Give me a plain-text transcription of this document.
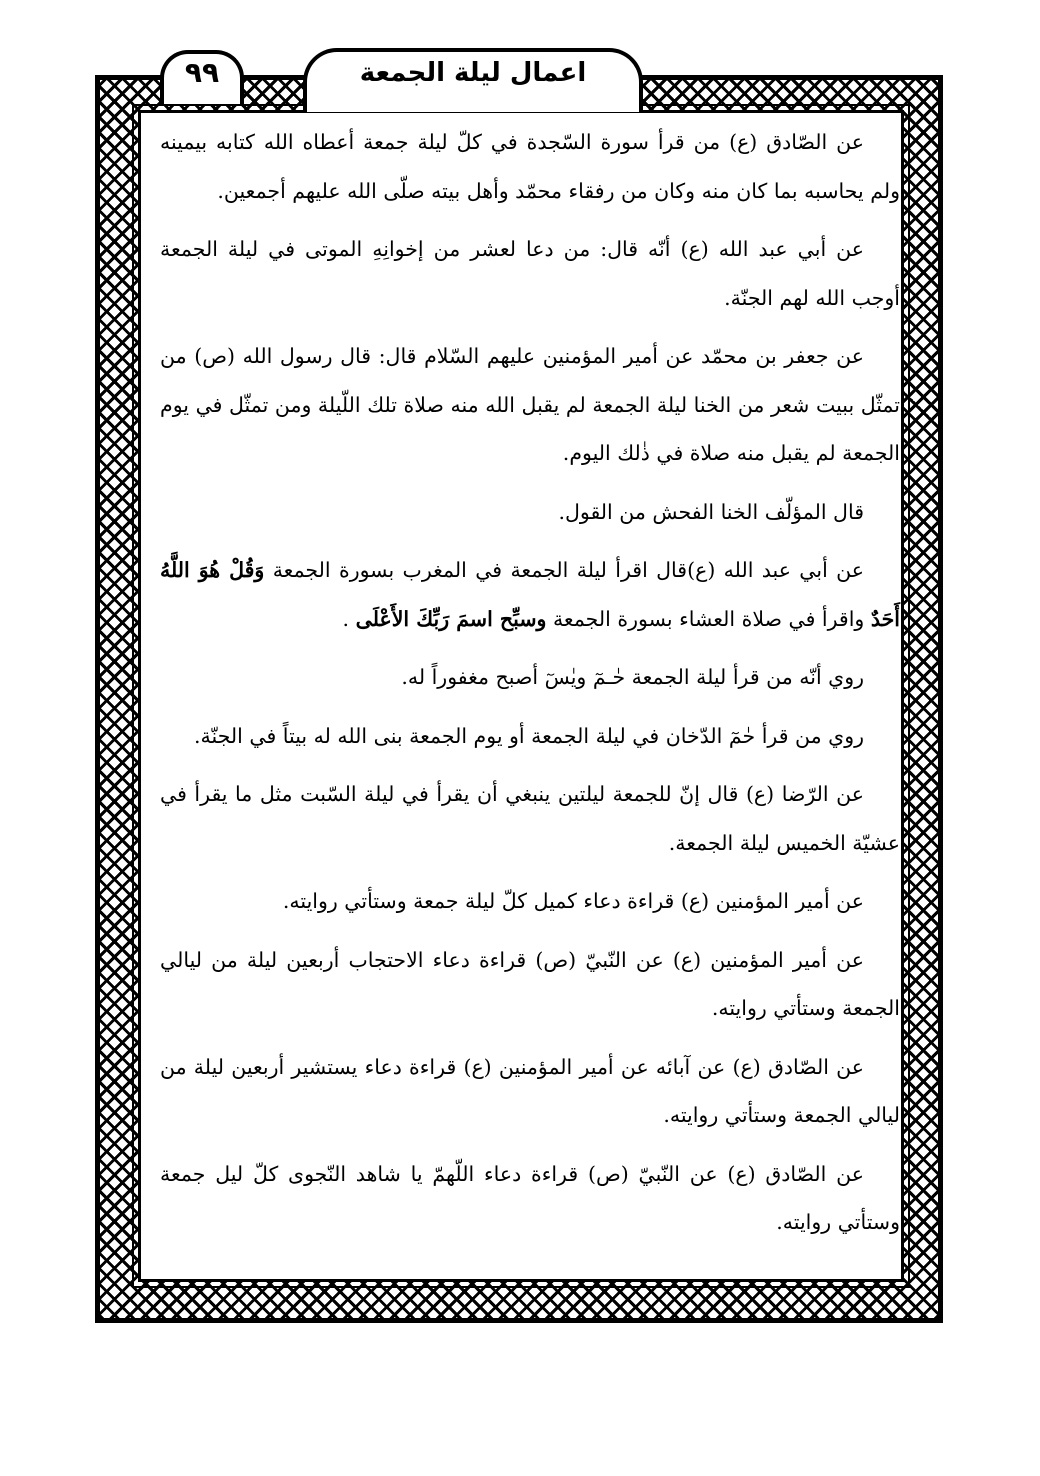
٩٩	اعمال ليلة الجمعة

عن الصّادق (ع) من قرأ سورة السّجدة في كلّ ليلة جمعة أعطاه الله كتابه بيمينه ولم يحاسبه بما كان منه وكان من رفقاء محمّد وأهل بيته صلّى الله عليهم أجمعين.

عن أبي عبد الله (ع) أنّه قال: من دعا لعشر من إخوانِهِ الموتى في ليلة الجمعة أوجب الله لهم الجنّة.

عن جعفر بن محمّد عن أمير المؤمنين عليهم السّلام قال: قال رسول الله (ص) من تمثّل ببيت شعر من الخنا ليلة الجمعة لم يقبل الله منه صلاة تلك اللّيلة ومن تمثّل في يوم الجمعة لم يقبل منه صلاة في ذٰلك اليوم.

قال المؤلّف الخنا الفحش من القول.

عن أبي عبد الله (ع)قال اقرأ ليلة الجمعة في المغرب بسورة الجمعة وَقُلْ هُوَ اللَّهُ أَحَدٌ واقرأ في صلاة العشاء بسورة الجمعة وسبِّح اسمَ رَبِّكَ الأَعْلَى .

روي أنّه من قرأ ليلة الجمعة حٰـمٓ ويٰسٓ أصبح مغفوراً له.

روي من قرأ حٰمٓ الدّخان في ليلة الجمعة أو يوم الجمعة بنى الله له بيتاً في الجنّة.

عن الرّضا (ع) قال إنّ للجمعة ليلتين ينبغي أن يقرأ في ليلة السّبت مثل ما يقرأ في عشيّة الخميس ليلة الجمعة.

عن أمير المؤمنين (ع) قراءة دعاء كميل كلّ ليلة جمعة وستأتي روايته.

عن أمير المؤمنين (ع) عن النّبيّ (ص) قراءة دعاء الاحتجاب أربعين ليلة من ليالي الجمعة وستأتي روايته.

عن الصّادق (ع) عن آبائه عن أمير المؤمنين (ع) قراءة دعاء يستشير أربعين ليلة من ليالي الجمعة وستأتي روايته.

عن الصّادق (ع) عن النّبيّ (ص) قراءة دعاء اللّهمّ يا شاهد النّجوى كلّ ليل جمعة وستأتي روايته.
